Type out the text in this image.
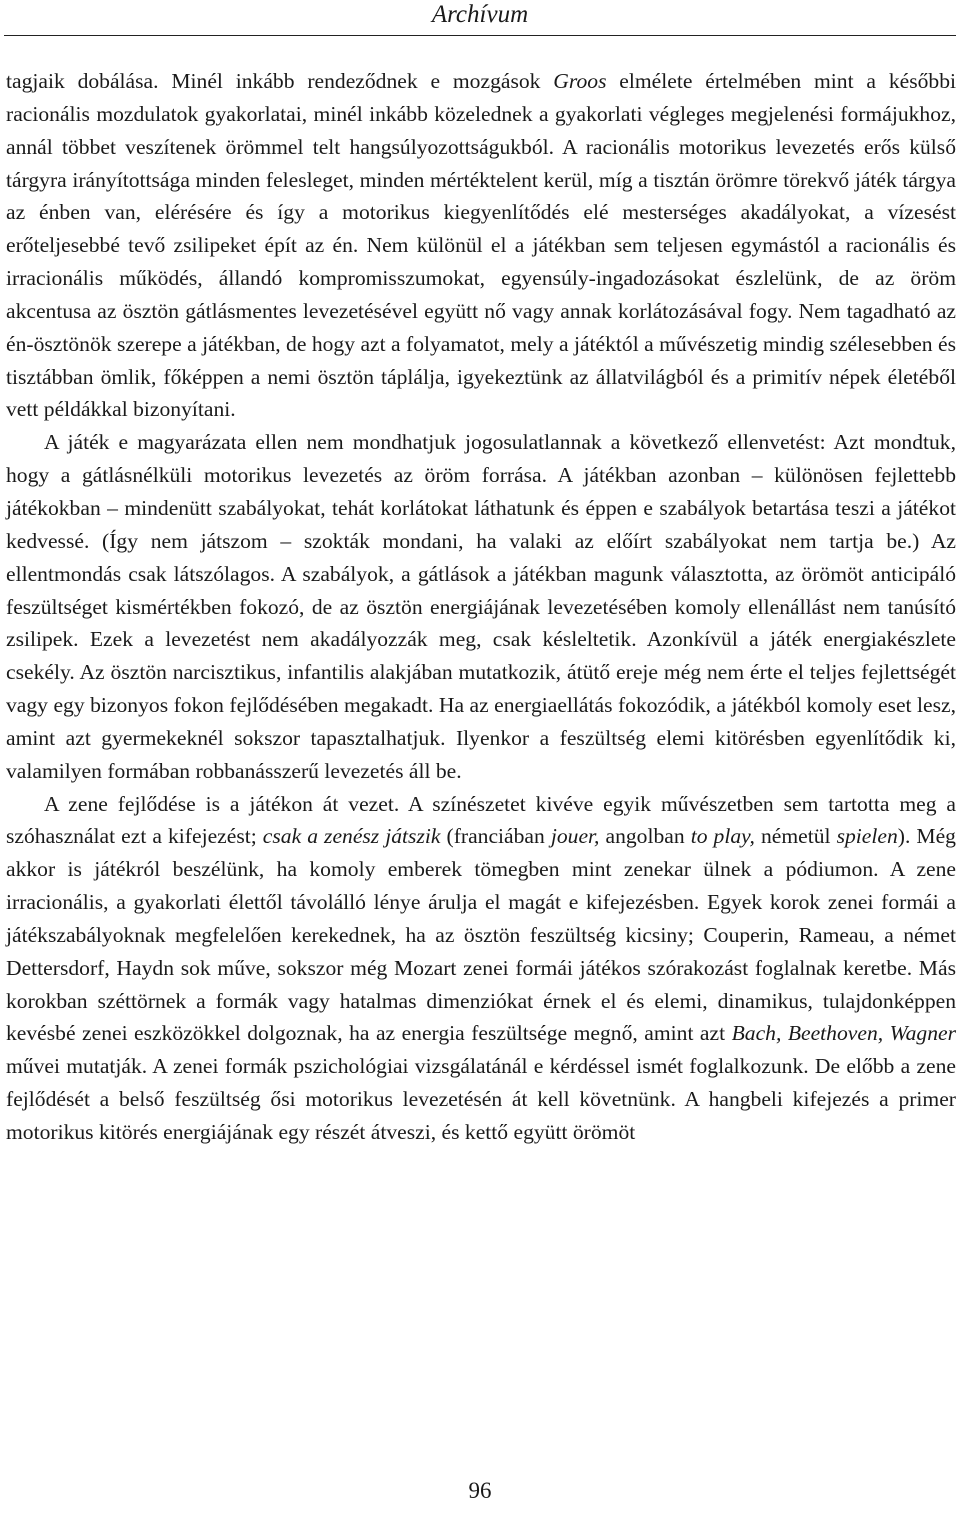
Archívum

tagjaik dobálása. Minél inkább rendeződnek e mozgások Groos elmélete értelmében mint a későbbi racionális mozdulatok gyakorlatai, minél inkább közelednek a gyakorlati végleges megjelenési formájukhoz, annál többet veszítenek örömmel telt hangsúlyozottságukból. A racionális motorikus levezetés erős külső tárgyra irányítottsága minden felesleget, minden mértéktelent kerül, míg a tisztán örömre törekvő játék tárgya az énben van, elérésére és így a motorikus kiegyenlítődés elé mesterséges akadályokat, a vízesést erőteljesebbé tevő zsilipeket épít az én. Nem különül el a játékban sem teljesen egymástól a racionális és irracionális működés, állandó kompromisszumokat, egyensúly-ingadozásokat észlelünk, de az öröm akcentusa az ösztön gátlásmentes levezetésével együtt nő vagy annak korlátozásával fogy. Nem tagadható az én-ösztönök szerepe a játékban, de hogy azt a folyamatot, mely a játéktól a művészetig mindig szélesebben és tisztábban ömlik, főképpen a nemi ösztön táplálja, igyekeztünk az állatvilágból és a primitív népek életéből vett példákkal bizonyítani.

A játék e magyarázata ellen nem mondhatjuk jogosulatlannak a következő ellenvetést: Azt mondtuk, hogy a gátlásnélküli motorikus levezetés az öröm forrása. A játékban azonban – különösen fejlettebb játékokban – mindenütt szabályokat, tehát korlátokat láthatunk és éppen e szabályok betartása teszi a játékot kedvessé. (Így nem játszom – szokták mondani, ha valaki az előírt szabályokat nem tartja be.) Az ellentmondás csak látszólagos. A szabályok, a gátlások a játékban magunk választotta, az örömöt anticipáló feszültséget kismértékben fokozó, de az ösztön energiájának levezetésében komoly ellenállást nem tanúsító zsilipek. Ezek a levezetést nem akadályozzák meg, csak késleltetik. Azonkívül a játék energiakészlete csekély. Az ösztön narcisztikus, infantilis alakjában mutatkozik, átütő ereje még nem érte el teljes fejlettségét vagy egy bizonyos fokon fejlődésében megakadt. Ha az energiaellátás fokozódik, a játékból komoly eset lesz, amint azt gyermekeknél sokszor tapasztalhatjuk. Ilyenkor a feszültség elemi kitörésben egyenlítődik ki, valamilyen formában robbanásszerű levezetés áll be.

A zene fejlődése is a játékon át vezet. A színészetet kivéve egyik művészetben sem tartotta meg a szóhasználat ezt a kifejezést; csak a zenész játszik (franciában jouer, angolban to play, németül spielen). Még akkor is játékról beszélünk, ha komoly emberek tömegben mint zenekar ülnek a pódiumon. A zene irracionális, a gyakorlati élettől távolálló lénye árulja el magát e kifejezésben. Egyek korok zenei formái a játékszabályoknak megfelelően kerekednek, ha az ösztön feszültség kicsiny; Couperin, Rameau, a német Dettersdorf, Haydn sok műve, sokszor még Mozart zenei formái játékos szórakozást foglalnak keretbe. Más korokban széttörnek a formák vagy hatalmas dimenziókat érnek el és elemi, dinamikus, tulajdonképpen kevésbé zenei eszközökkel dolgoznak, ha az energia feszültsége megnő, amint azt Bach, Beethoven, Wagner művei mutatják. A zenei formák pszichológiai vizsgálatánál e kérdéssel ismét foglalkozunk. De előbb a zene fejlődését a belső feszültség ősi motorikus levezetésén át kell követnünk. A hangbeli kifejezés a primer motorikus kitörés energiájának egy részét átveszi, és kettő együtt örömöt

96
